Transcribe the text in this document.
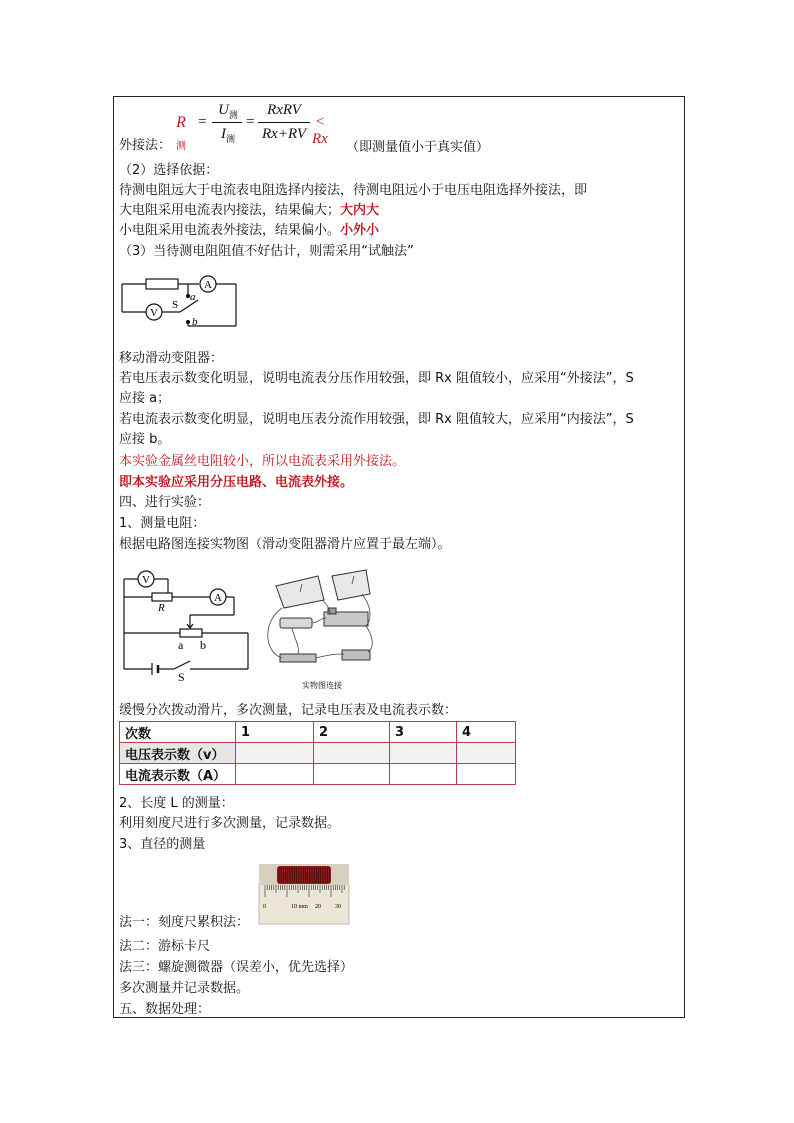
$R_测$
=
$U_测$
$I_测$
=
RxRV
Rx+RV
< Rx
外接法：	（即测量值小于真实值）
（2）选择依据：
待测电阻远大于电流表电阻选择内接法，待测电阻远小于电压电阻选择外接法，即
大电阻采用电流表内接法，结果偏大；大内大
小电阻采用电流表外接法，结果偏小。小外小
（3）当待测电阻阻值不好估计，则需采用“试触法”
A
V
S
a
b
移动滑动变阻器：
若电压表示数变化明显，说明电流表分压作用较强，即 Rx 阻值较小，应采用“外接法”，S
应接 a；
若电流表示数变化明显，说明电压表分流作用较强，即 Rx 阻值较大，应采用“内接法”，S
应接 b。
本实验金属丝电阻较小，所以电流表采用外接法。
即本实验应采用分压电路、电流表外接。
四、进行实验：
1、测量电阻：
根据电路图连接实物图（滑动变阻器滑片应置于最左端）。
V
A
R
a b
S
实物图连接
缓慢分次拨动滑片，多次测量，记录电压表及电流表示数：
次数	1	2	3	4
电压表示数（v）				
电流表示数（A）				
2、长度 L 的测量：
利用刻度尺进行多次测量，记录数据。
3、直径的测量
0	10 mm 20 30
法一：刻度尺累积法：
法二：游标卡尺
法三：螺旋测微器（误差小，优先选择）
多次测量并记录数据。
五、数据处理：
